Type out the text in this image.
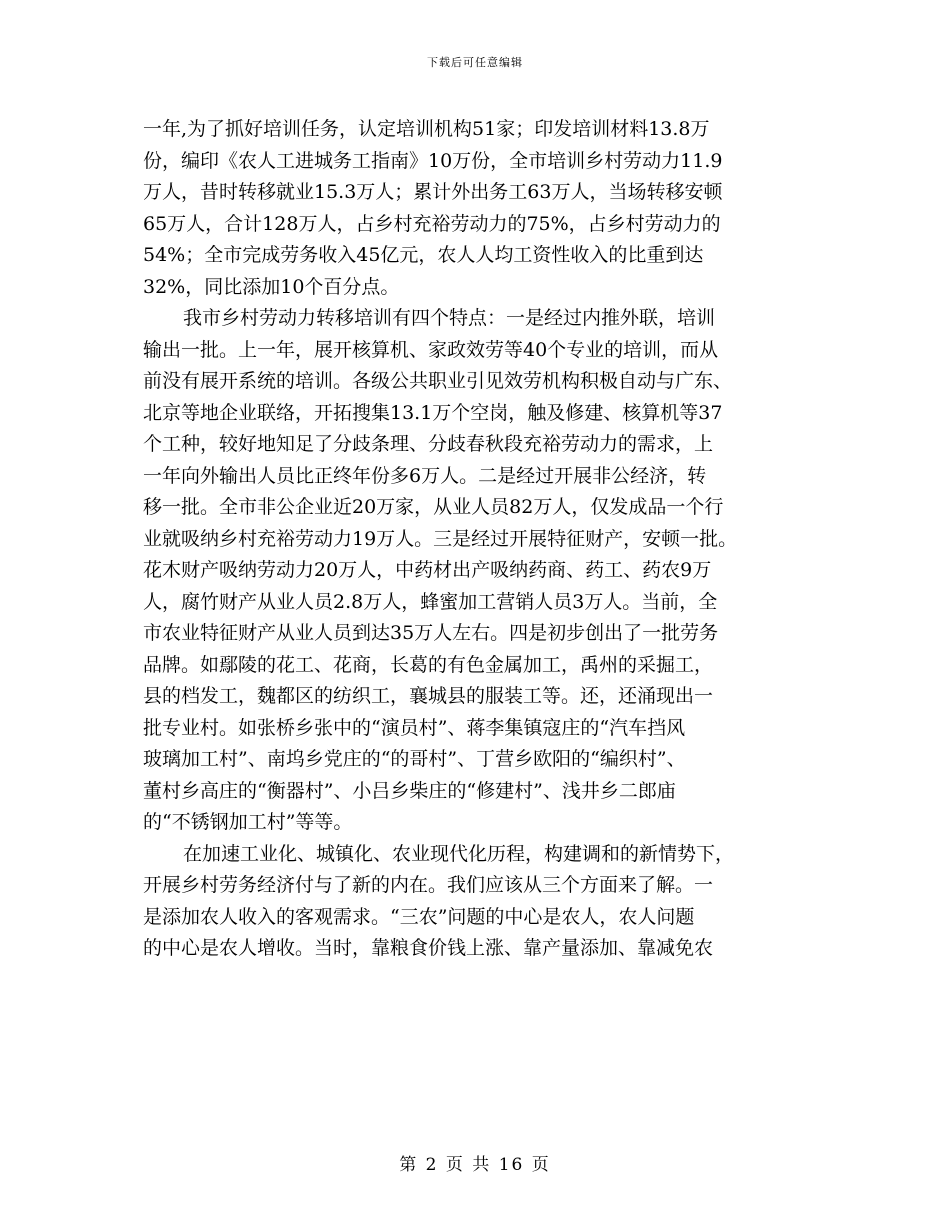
下载后可任意编辑
一年,为了抓好培训任务，认定培训机构51家；印发培训材料13.8万
份，编印《农人工进城务工指南》10万份，全市培训乡村劳动力11.9
万人，昔时转移就业15.3万人；累计外出务工63万人，当场转移安顿
65万人，合计128万人，占乡村充裕劳动力的75%，占乡村劳动力的
54%；全市完成劳务收入45亿元，农人人均工资性收入的比重到达
32%，同比添加10个百分点。
我市乡村劳动力转移培训有四个特点：一是经过内推外联，培训
输出一批。上一年，展开核算机、家政效劳等40个专业的培训，而从
前没有展开系统的培训。各级公共职业引见效劳机构积极自动与广东、
北京等地企业联络，开拓搜集13.1万个空岗，触及修建、核算机等37
个工种，较好地知足了分歧条理、分歧春秋段充裕劳动力的需求，上
一年向外输出人员比正终年份多6万人。二是经过开展非公经济，转
移一批。全市非公企业近20万家，从业人员82万人，仅发成品一个行
业就吸纳乡村充裕劳动力19万人。三是经过开展特征财产，安顿一批。
花木财产吸纳劳动力20万人，中药材出产吸纳药商、药工、药农9万
人，腐竹财产从业人员2.8万人，蜂蜜加工营销人员3万人。当前，全
市农业特征财产从业人员到达35万人左右。四是初步创出了一批劳务
品牌。如鄢陵的花工、花商，长葛的有色金属加工，禹州的采掘工，
县的档发工，魏都区的纺织工，襄城县的服装工等。还，还涌现出一
批专业村。如张桥乡张中的“演员村”、蒋李集镇寇庄的“汽车挡风
玻璃加工村”、南坞乡党庄的“的哥村”、丁营乡欧阳的“编织村”、
董村乡高庄的“衡器村”、小吕乡柴庄的“修建村”、浅井乡二郎庙
的“不锈钢加工村”等等。
在加速工业化、城镇化、农业现代化历程，构建调和的新情势下，
开展乡村劳务经济付与了新的内在。我们应该从三个方面来了解。一
是添加农人收入的客观需求。“三农”问题的中心是农人，农人问题
的中心是农人增收。当时，靠粮食价钱上涨、靠产量添加、靠减免农
第 2 页 共 16 页
